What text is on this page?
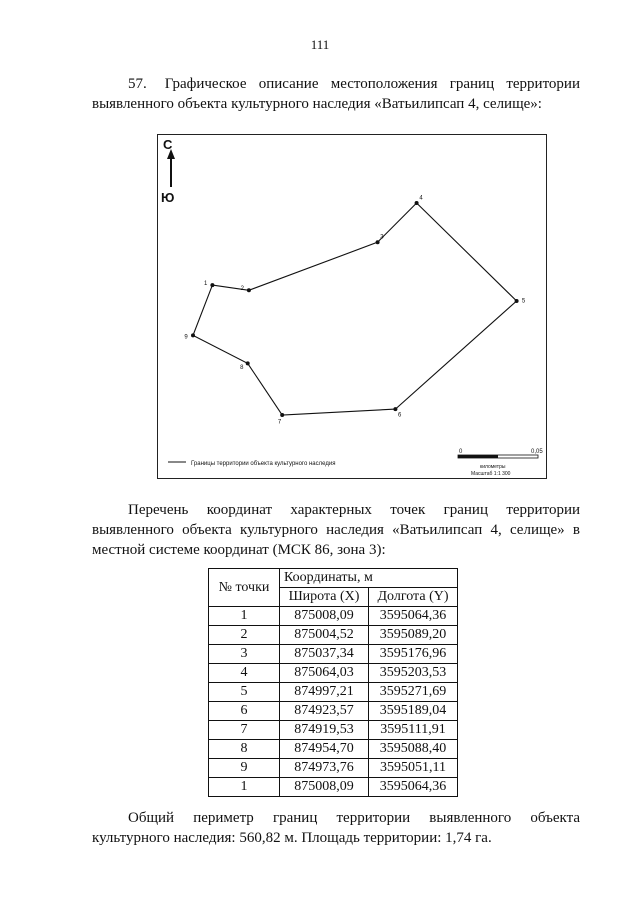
111
57. Графическое описание местоположения границ территории выявленного объекта культурного наследия «Ватьилипсап 4, селище»:
1
2
3
4
5
6
7
8
9
С
Ю
Границы территории объекта культурного наследия
0	0,05
километры
Масштаб 1:1 300
Перечень координат характерных точек границ территории выявленного объекта культурного наследия «Ватьилипсап 4, селище» в местной системе координат (МСК 86, зона 3):
№ точки	Координаты, м	
	Широта (X)	Долгота (Y)
1	875008,09	3595064,36
2	875004,52	3595089,20
3	875037,34	3595176,96
4	875064,03	3595203,53
5	874997,21	3595271,69
6	874923,57	3595189,04
7	874919,53	3595111,91
8	874954,70	3595088,40
9	874973,76	3595051,11
1	875008,09	3595064,36
Общий периметр границ территории выявленного объекта культурного наследия: 560,82 м. Площадь территории: 1,74 га.
